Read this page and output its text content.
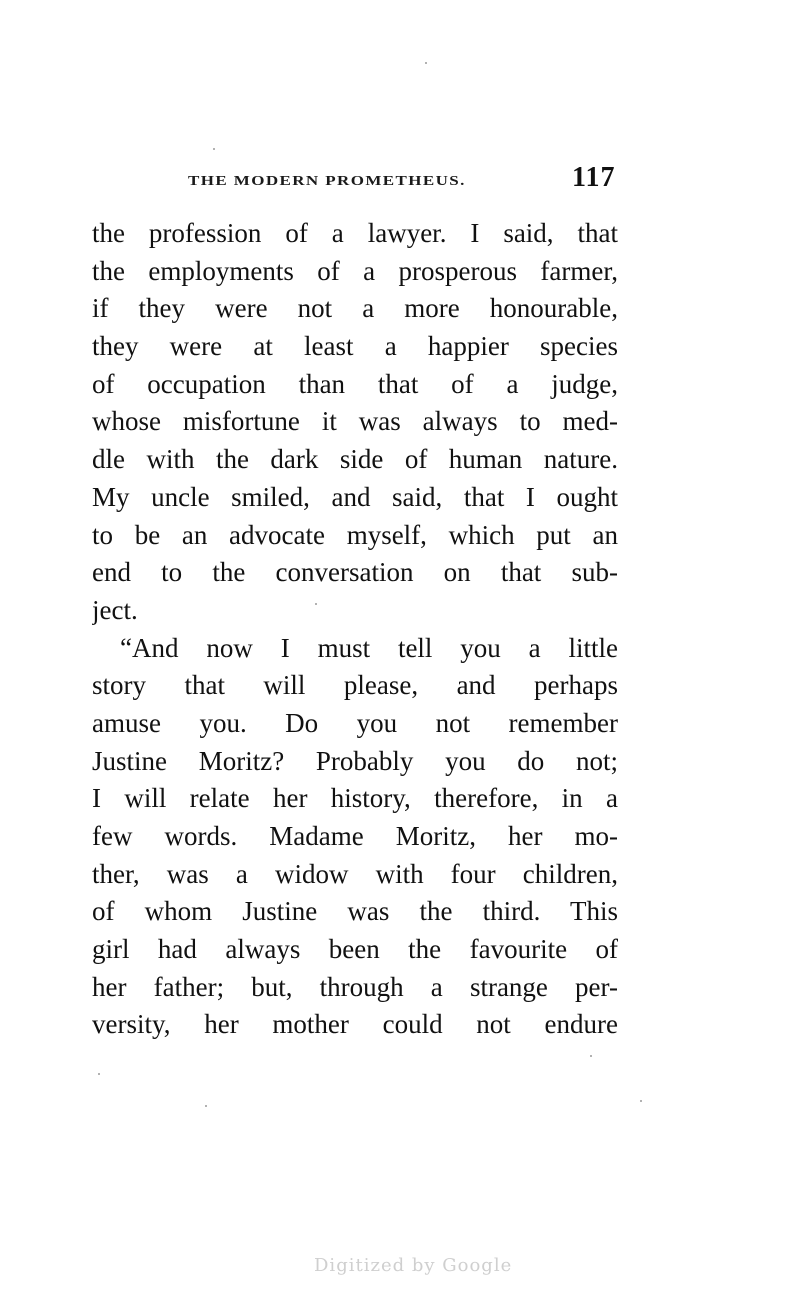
THE MODERN PROMETHEUS.	117
the profession of a lawyer. I said, that
the employments of a prosperous farmer,
if they were not a more honourable,
they were at least a happier species
of occupation than that of a judge,
whose misfortune it was always to med-
dle with the dark side of human nature.
My uncle smiled, and said, that I ought
to be an advocate myself, which put an
end to the conversation on that sub-
ject.
“And now I must tell you a little
story that will please, and perhaps
amuse you. Do you not remember
Justine Moritz? Probably you do not;
I will relate her history, therefore, in a
few words. Madame Moritz, her mo-
ther, was a widow with four children,
of whom Justine was the third. This
girl had always been the favourite of
her father; but, through a strange per-
versity, her mother could not endure
Digitized by Google
